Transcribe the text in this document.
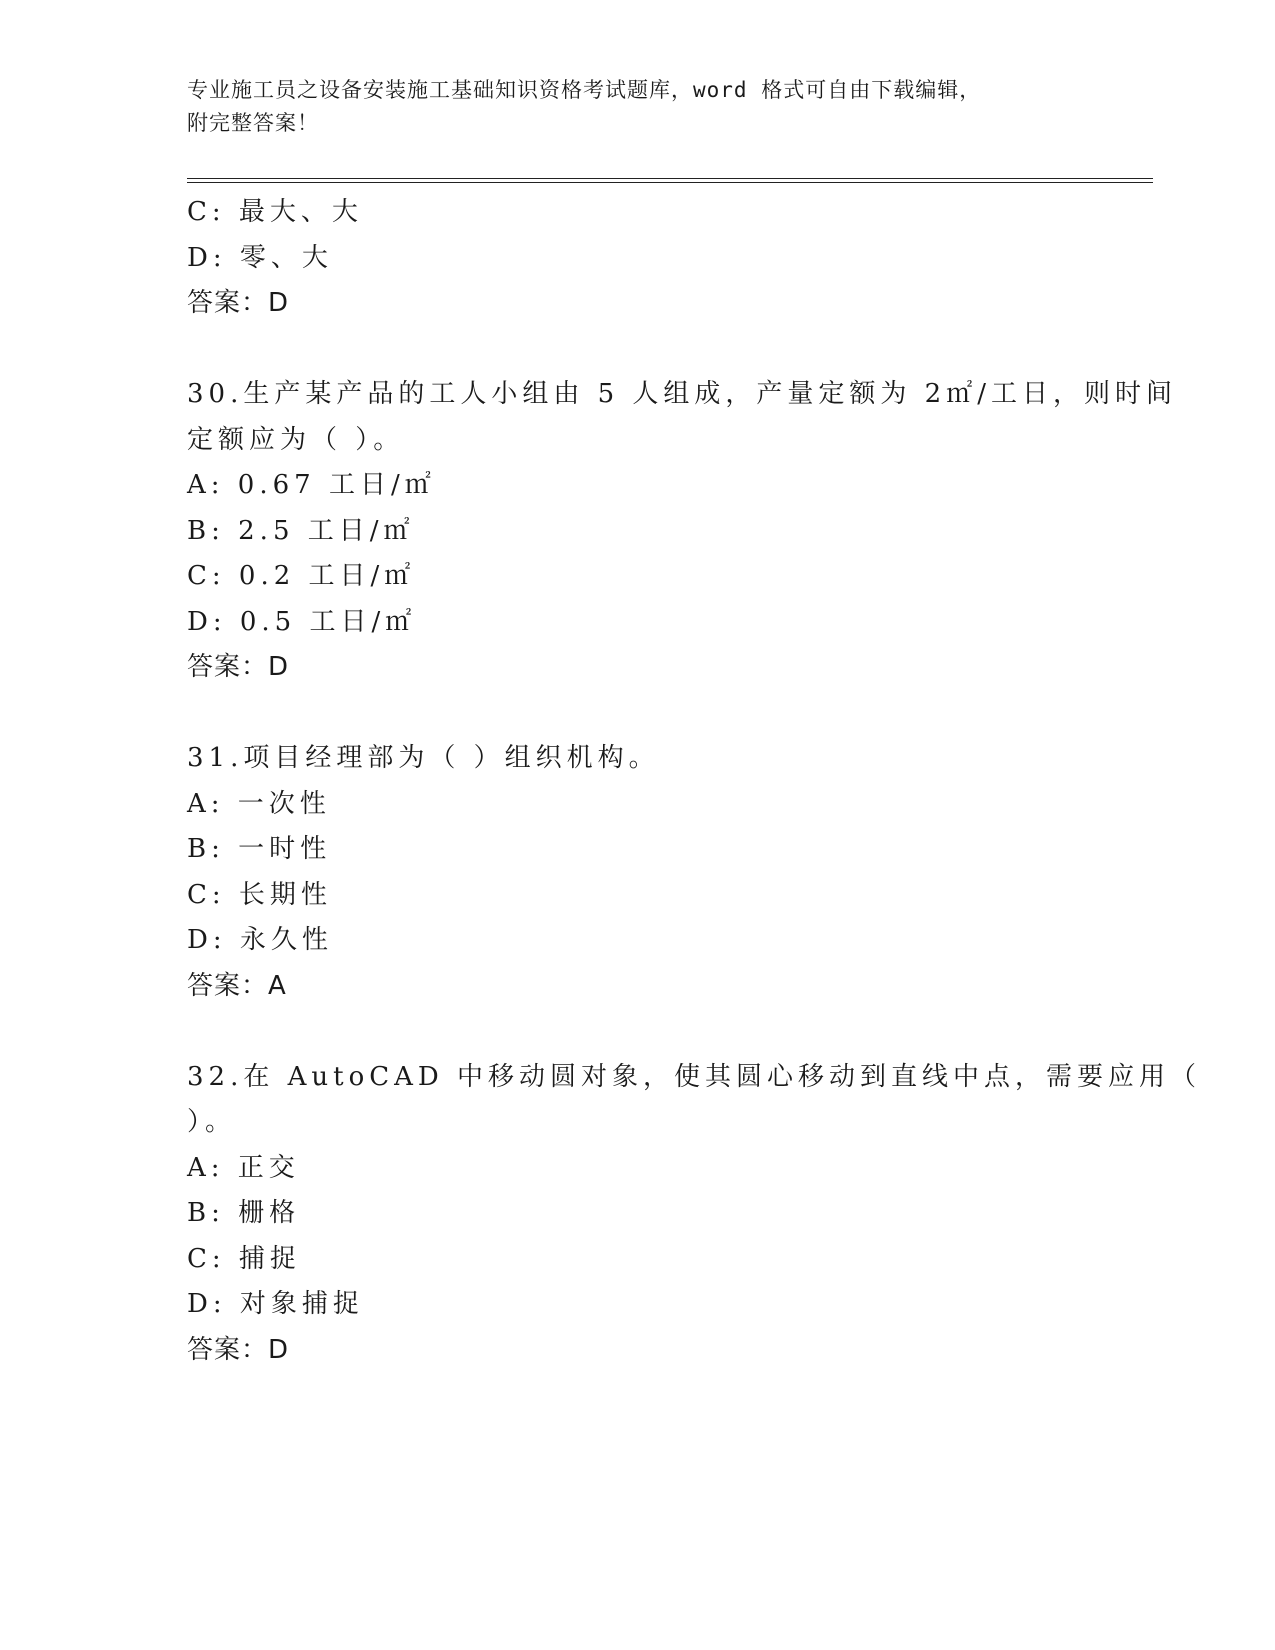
专业施工员之设备安装施工基础知识资格考试题库，word 格式可自由下载编辑，
附完整答案！
C: 最大、大
D: 零、大
答案：D
30.生产某产品的工人小组由 5 人组成，产量定额为 2㎡/工日，则时间
定额应为（ ）。
A: 0.67 工日/㎡
B: 2.5 工日/㎡
C: 0.2 工日/㎡
D: 0.5 工日/㎡
答案：D
31.项目经理部为（ ）组织机构。
A: 一次性
B: 一时性
C: 长期性
D: 永久性
答案：A
32.在 AutoCAD 中移动圆对象，使其圆心移动到直线中点，需要应用（
）。
A: 正交
B: 栅格
C: 捕捉
D: 对象捕捉
答案：D
